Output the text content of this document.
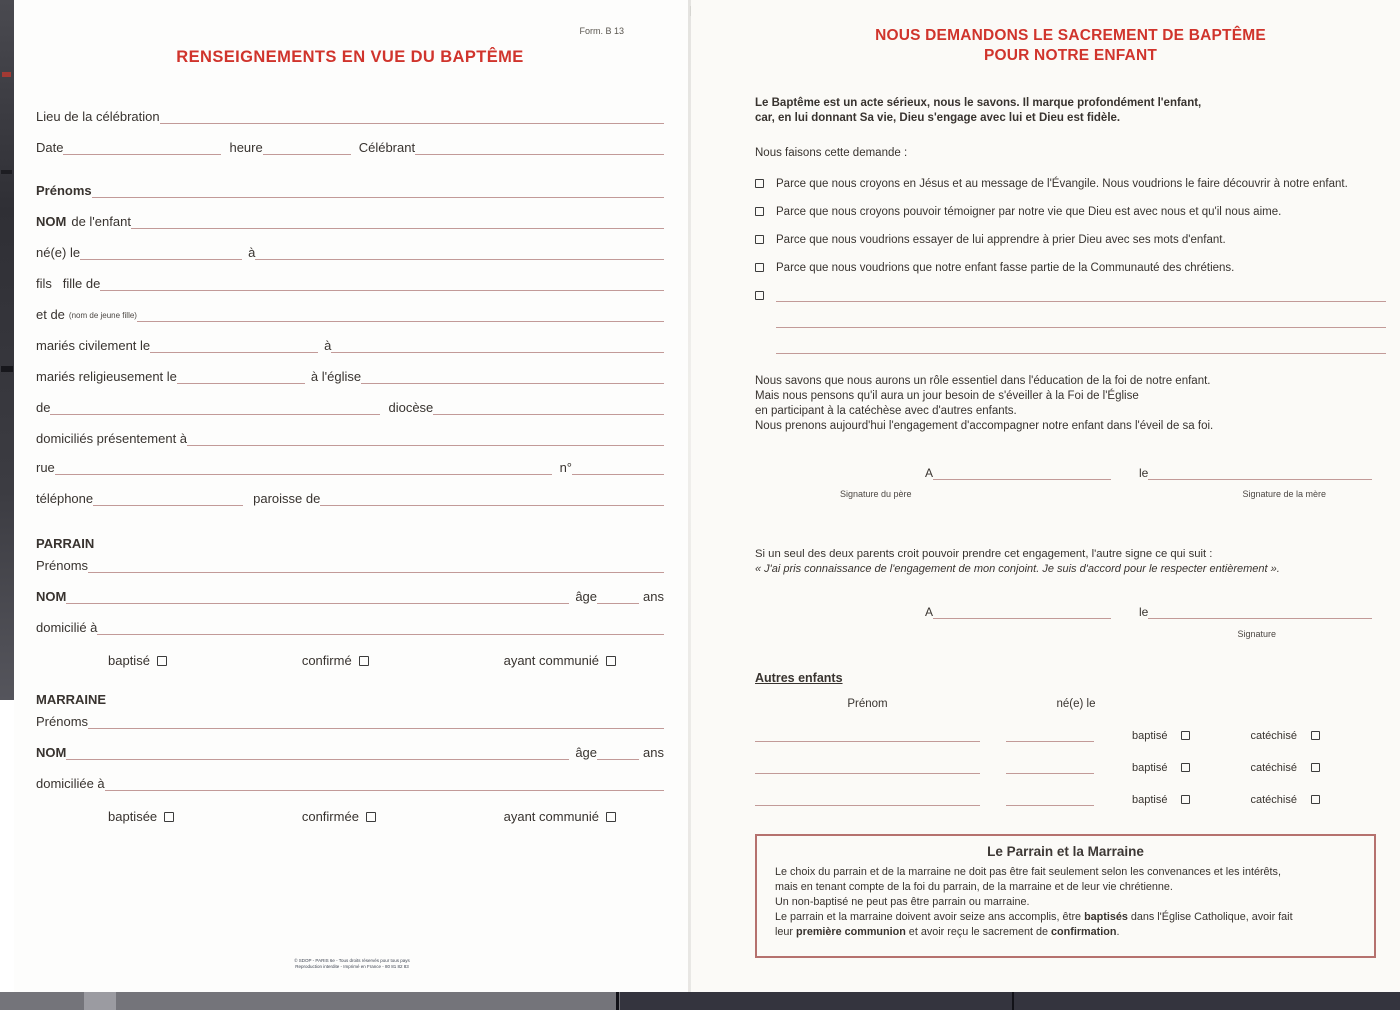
Form. B 13
RENSEIGNEMENTS EN VUE DU BAPTÊME
Lieu de la célébration
Date	heure	Célébrant
Prénoms
NOM de l'enfant
né(e) le	à
fils   fille de
et de (nom de jeune fille)
mariés civilement le	à
mariés religieusement le	à l'église
de	diocèse
domiciliés présentement à
rue	n°
téléphone	paroisse de
PARRAIN
Prénoms
NOM	âge	ans
domicilié à
baptisé	confirmé	ayant communié
MARRAINE
Prénoms
NOM	âge	ans
domiciliée à
baptisée	confirmée	ayant communié
© SDOP - PARIS 6e - Tous droits réservés pour tous pays
Reproduction interdite - Imprimé en France - 80 81 82 83
NOUS DEMANDONS LE SACREMENT DE BAPTÊME
POUR NOTRE ENFANT
Le Baptême est un acte sérieux, nous le savons. Il marque profondément l'enfant,
car, en lui donnant Sa vie, Dieu s'engage avec lui et Dieu est fidèle.
Nous faisons cette demande :
Parce que nous croyons en Jésus et au message de l'Évangile. Nous voudrions le faire découvrir à notre enfant.
Parce que nous croyons pouvoir témoigner par notre vie que Dieu est avec nous et qu'il nous aime.
Parce que nous voudrions essayer de lui apprendre à prier Dieu avec ses mots d'enfant.
Parce que nous voudrions que notre enfant fasse partie de la Communauté des chrétiens.
Nous savons que nous aurons un rôle essentiel dans l'éducation de la foi de notre enfant.
Mais nous pensons qu'il aura un jour besoin de s'éveiller à la Foi de l'Église
en participant à la catéchèse avec d'autres enfants.
Nous prenons aujourd'hui l'engagement d'accompagner notre enfant dans l'éveil de sa foi.
A	le
Signature du père	Signature de la mère
Si un seul des deux parents croit pouvoir prendre cet engagement, l'autre signe ce qui suit :
« J'ai pris connaissance de l'engagement de mon conjoint. Je suis d'accord pour le respecter entièrement ».
A	le
Signature
Autres enfants
Prénom	né(e) le
baptisé	catéchisé
baptisé	catéchisé
baptisé	catéchisé
Le Parrain et la Marraine
Le choix du parrain et de la marraine ne doit pas être fait seulement selon les convenances et les intérêts,
mais en tenant compte de la foi du parrain, de la marraine et de leur vie chrétienne.
Un non-baptisé ne peut pas être parrain ou marraine.
Le parrain et la marraine doivent avoir seize ans accomplis, être baptisés dans l'Église Catholique, avoir fait
leur première communion et avoir reçu le sacrement de confirmation.
